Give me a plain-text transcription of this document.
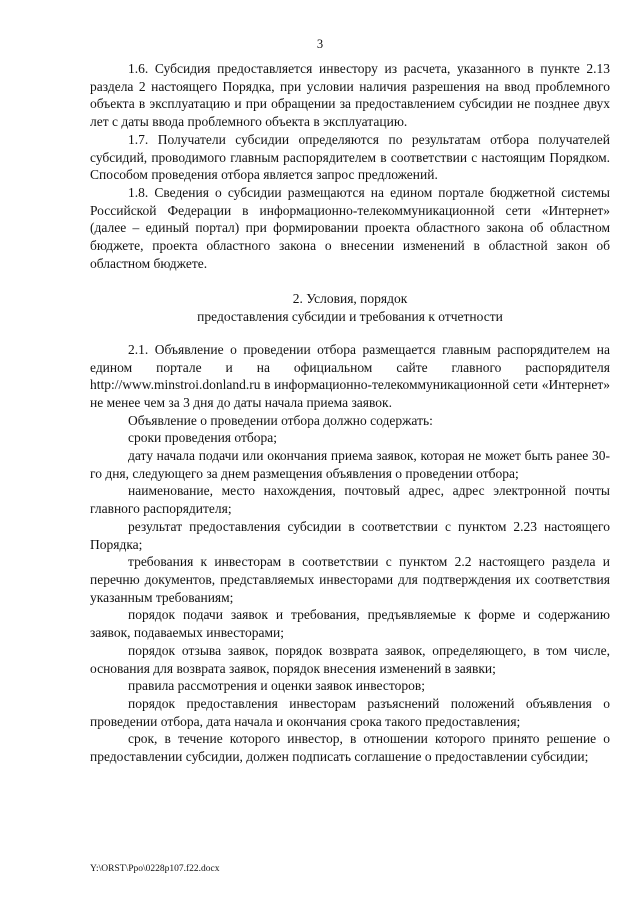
3

1.6. Субсидия предоставляется инвестору из расчета, указанного в пункте 2.13 раздела 2 настоящего Порядка, при условии наличия разрешения на ввод проблемного объекта в эксплуатацию и при обращении за предоставлением субсидии не позднее двух лет с даты ввода проблемного объекта в эксплуатацию.

1.7. Получатели субсидии определяются по результатам отбора получателей субсидий, проводимого главным распорядителем в соответствии с настоящим Порядком. Способом проведения отбора является запрос предложений.

1.8. Сведения о субсидии размещаются на едином портале бюджетной системы Российской Федерации в информационно-телекоммуникационной сети «Интернет» (далее – единый портал) при формировании проекта областного закона об областном бюджете, проекта областного закона о внесении изменений в областной закон об областном бюджете.

2. Условия, порядок
предоставления субсидии и требования к отчетности

2.1. Объявление о проведении отбора размещается главным распорядителем на едином портале и на официальном сайте главного распорядителя http://www.minstroi.donland.ru в информационно-телекоммуникационной сети «Интернет» не менее чем за 3 дня до даты начала приема заявок.

Объявление о проведении отбора должно содержать:

сроки проведения отбора;

дату начала подачи или окончания приема заявок, которая не может быть ранее 30-го дня, следующего за днем размещения объявления о проведении отбора;

наименование, место нахождения, почтовый адрес, адрес электронной почты главного распорядителя;

результат предоставления субсидии в соответствии с пунктом 2.23 настоящего Порядка;

требования к инвесторам в соответствии с пунктом 2.2 настоящего раздела и перечню документов, представляемых инвесторами для подтверждения их соответствия указанным требованиям;

порядок подачи заявок и требования, предъявляемые к форме и содержанию заявок, подаваемых инвесторами;

порядок отзыва заявок, порядок возврата заявок, определяющего, в том числе, основания для возврата заявок, порядок внесения изменений в заявки;

правила рассмотрения и оценки заявок инвесторов;

порядок предоставления инвесторам разъяснений положений объявления о проведении отбора, дата начала и окончания срока такого предоставления;

срок, в течение которого инвестор, в отношении которого принято решение о предоставлении субсидии, должен подписать соглашение о предоставлении субсидии;

Y:\ORST\Ppo\0228p107.f22.docx
